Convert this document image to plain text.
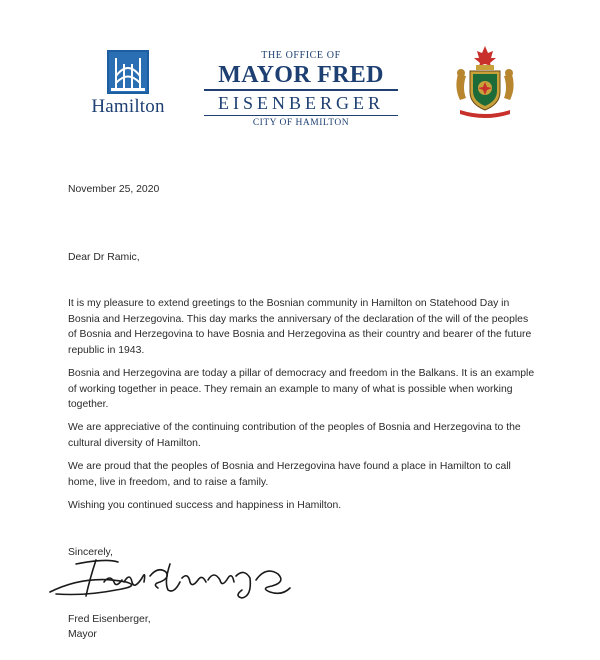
Hamilton
THE OFFICE OF
MAYOR FRED
EISENBERGER
CITY OF HAMILTON
November 25, 2020
Dear Dr Ramic,
It is my pleasure to extend greetings to the Bosnian community in Hamilton on Statehood Day in Bosnia and Herzegovina. This day marks the anniversary of the declaration of the will of the peoples of Bosnia and Herzegovina to have Bosnia and Herzegovina as their country and bearer of the future republic in 1943.
Bosnia and Herzegovina are today a pillar of democracy and freedom in the Balkans. It is an example of working together in peace. They remain an example to many of what is possible when working together.
We are appreciative of the continuing contribution of the peoples of Bosnia and Herzegovina to the cultural diversity of Hamilton.
We are proud that the peoples of Bosnia and Herzegovina have found a place in Hamilton to call home, live in freedom, and to raise a family.
Wishing you continued success and happiness in Hamilton.
Sincerely,
Fred Eisenberger,
Mayor
